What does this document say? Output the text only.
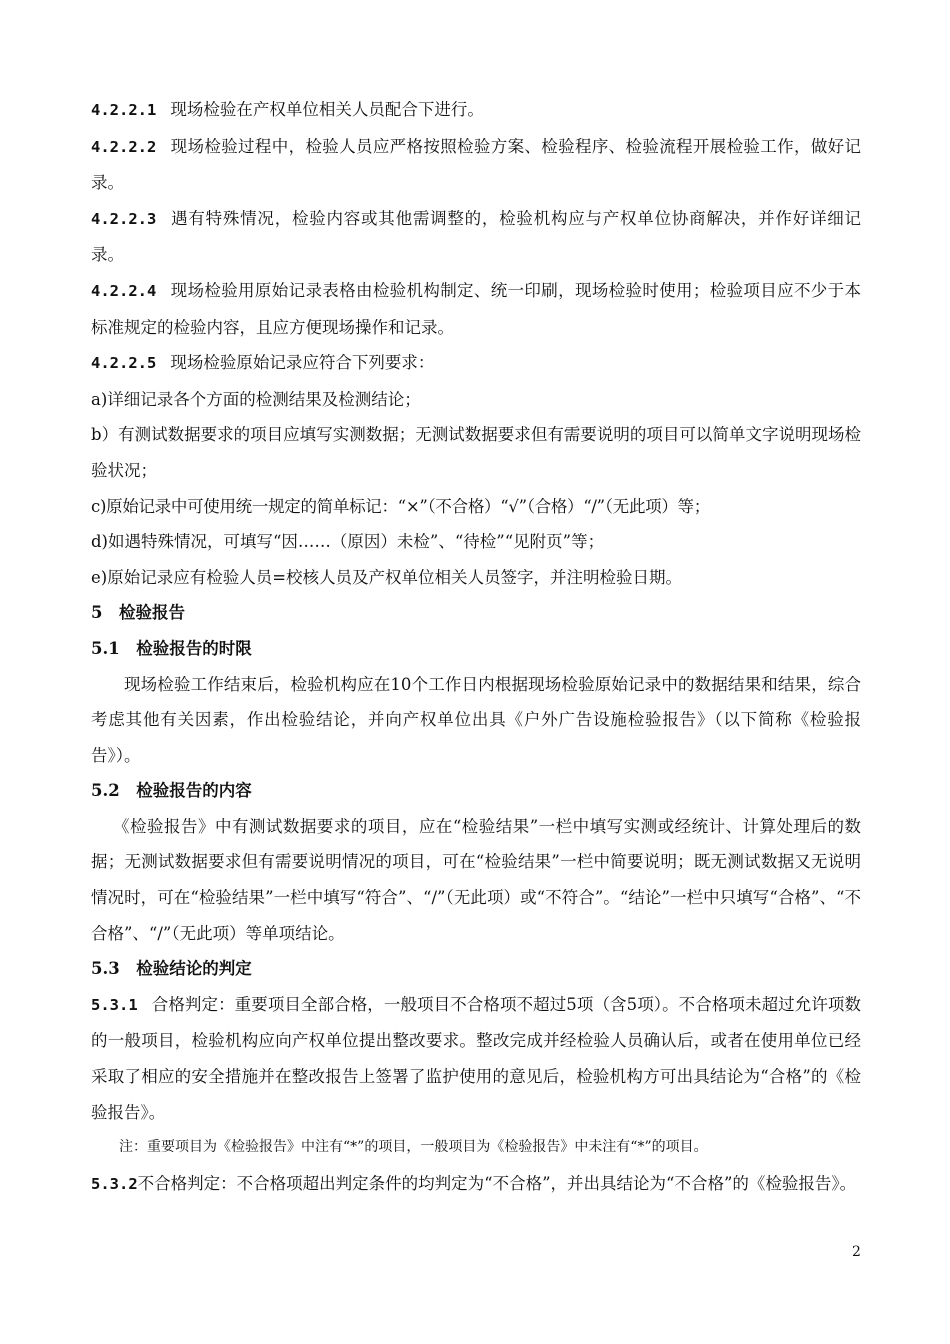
4.2.2.1 现场检验在产权单位相关人员配合下进行。

4.2.2.2 现场检验过程中，检验人员应严格按照检验方案、检验程序、检验流程开展检验工作，做好记录。

4.2.2.3 遇有特殊情况，检验内容或其他需调整的，检验机构应与产权单位协商解决，并作好详细记录。

4.2.2.4 现场检验用原始记录表格由检验机构制定、统一印刷，现场检验时使用；检验项目应不少于本标准规定的检验内容，且应方便现场操作和记录。

4.2.2.5 现场检验原始记录应符合下列要求：

a)详细记录各个方面的检测结果及检测结论；

b）有测试数据要求的项目应填写实测数据；无测试数据要求但有需要说明的项目可以简单文字说明现场检验状况；

c)原始记录中可使用统一规定的简单标记：“×”（不合格）“√”（合格）“/”（无此项）等；

d)如遇特殊情况，可填写“因……（原因）未检”、“待检”“见附页”等；

e)原始记录应有检验人员=校核人员及产权单位相关人员签字，并注明检验日期。

5　检验报告

5.1　检验报告的时限

现场检验工作结束后，检验机构应在10个工作日内根据现场检验原始记录中的数据结果和结果，综合考虑其他有关因素，作出检验结论，并向产权单位出具《户外广告设施检验报告》（以下简称《检验报告》）。

5.2　检验报告的内容

《检验报告》中有测试数据要求的项目，应在“检验结果”一栏中填写实测或经统计、计算处理后的数据；无测试数据要求但有需要说明情况的项目，可在“检验结果”一栏中简要说明；既无测试数据又无说明情况时，可在“检验结果”一栏中填写“符合”、“/”（无此项）或“不符合”。“结论”一栏中只填写“合格”、“不合格”、“/”（无此项）等单项结论。

5.3　检验结论的判定

5.3.1 合格判定：重要项目全部合格，一般项目不合格项不超过5项（含5项）。不合格项未超过允许项数的一般项目，检验机构应向产权单位提出整改要求。整改完成并经检验人员确认后，或者在使用单位已经采取了相应的安全措施并在整改报告上签署了监护使用的意见后，检验机构方可出具结论为“合格”的《检验报告》。

注：重要项目为《检验报告》中注有“*”的项目，一般项目为《检验报告》中未注有“*”的项目。

5.3.2不合格判定：不合格项超出判定条件的均判定为“不合格”，并出具结论为“不合格”的《检验报告》。

2
